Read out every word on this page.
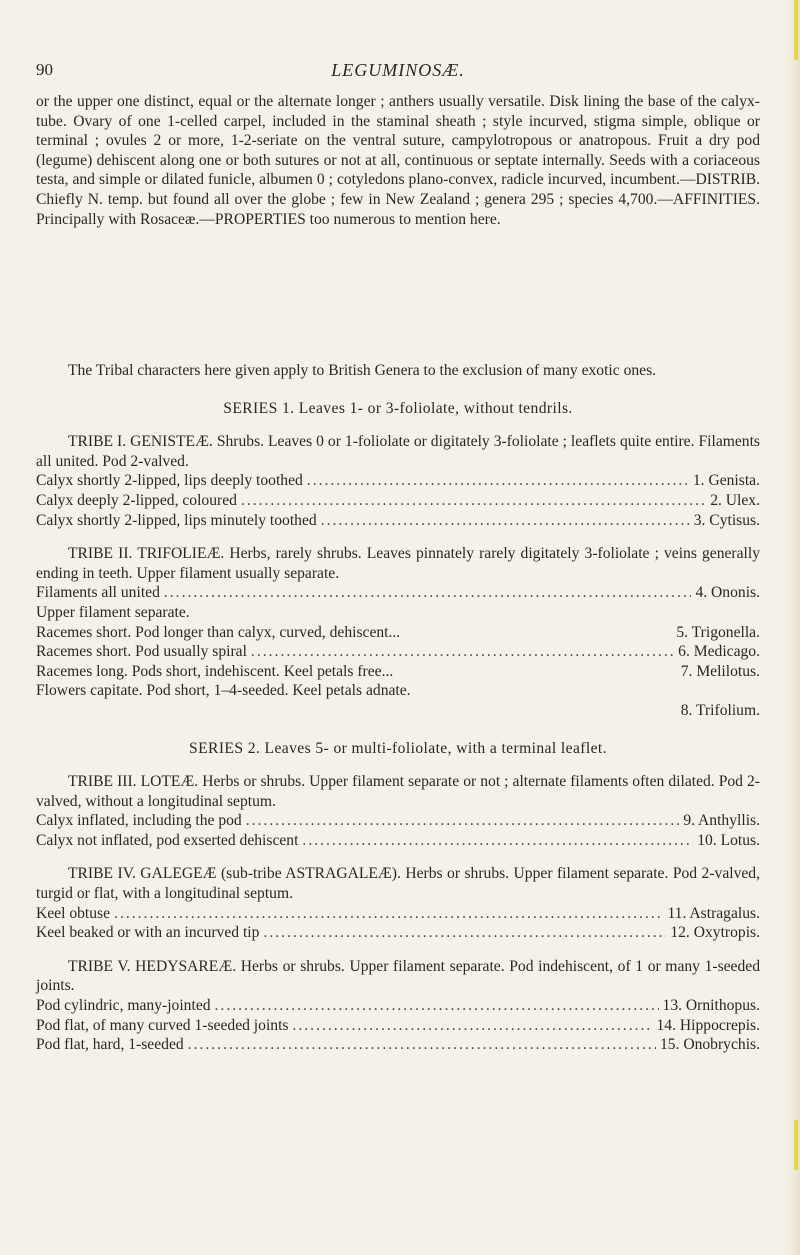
90	LEGUMINOSÆ.

or the upper one distinct, equal or the alternate longer ; anthers usually versatile. Disk lining the base of the calyx-tube. Ovary of one 1-celled carpel, included in the staminal sheath ; style incurved, stigma simple, oblique or terminal ; ovules 2 or more, 1-2-seriate on the ventral suture, campylotropous or anatropous. Fruit a dry pod (legume) dehiscent along one or both sutures or not at all, continuous or septate internally. Seeds with a coriaceous testa, and simple or dilated funicle, albumen 0 ; cotyledons plano-convex, radicle incurved, incumbent.—DISTRIB. Chiefly N. temp. but found all over the globe ; few in New Zealand ; genera 295 ; species 4,700.—AFFINITIES. Principally with Rosaceæ.—PROPERTIES too numerous to mention here.

The Tribal characters here given apply to British Genera to the exclusion of many exotic ones.

SERIES 1. Leaves 1- or 3-foliolate, without tendrils.

TRIBE I. GENISTEÆ. Shrubs. Leaves 0 or 1-foliolate or digitately 3-foliolate ; leaflets quite entire. Filaments all united. Pod 2-valved.

Calyx shortly 2-lipped, lips deeply toothed .....	1. Genista.
Calyx deeply 2-lipped, coloured .....	2. Ulex.
Calyx shortly 2-lipped, lips minutely toothed .....	3. Cytisus.

TRIBE II. TRIFOLIEÆ. Herbs, rarely shrubs. Leaves pinnately rarely digitately 3-foliolate ; veins generally ending in teeth. Upper filament usually separate.

Filaments all united .....	4. Ononis.
Upper filament separate.
Racemes short. Pod longer than calyx, curved, dehiscent...	5. Trigonella.
Racemes short. Pod usually spiral .....	6. Medicago.
Racemes long. Pods short, indehiscent. Keel petals free...	7. Melilotus.
Flowers capitate. Pod short, 1–4-seeded. Keel petals adnate.
8. Trifolium.

SERIES 2. Leaves 5- or multi-foliolate, with a terminal leaflet.

TRIBE III. LOTEÆ. Herbs or shrubs. Upper filament separate or not ; alternate filaments often dilated. Pod 2-valved, without a longitudinal septum.

Calyx inflated, including the pod .....	9. Anthyllis.
Calyx not inflated, pod exserted dehiscent .....	10. Lotus.

TRIBE IV. GALEGEÆ (sub-tribe ASTRAGALEÆ). Herbs or shrubs. Upper filament separate. Pod 2-valved, turgid or flat, with a longitudinal septum.

Keel obtuse .....	11. Astragalus.
Keel beaked or with an incurved tip .....	12. Oxytropis.

TRIBE V. HEDYSAREÆ. Herbs or shrubs. Upper filament separate. Pod indehiscent, of 1 or many 1-seeded joints.

Pod cylindric, many-jointed .....	13. Ornithopus.
Pod flat, of many curved 1-seeded joints .....	14. Hippocrepis.
Pod flat, hard, 1-seeded .....	15. Onobrychis.
